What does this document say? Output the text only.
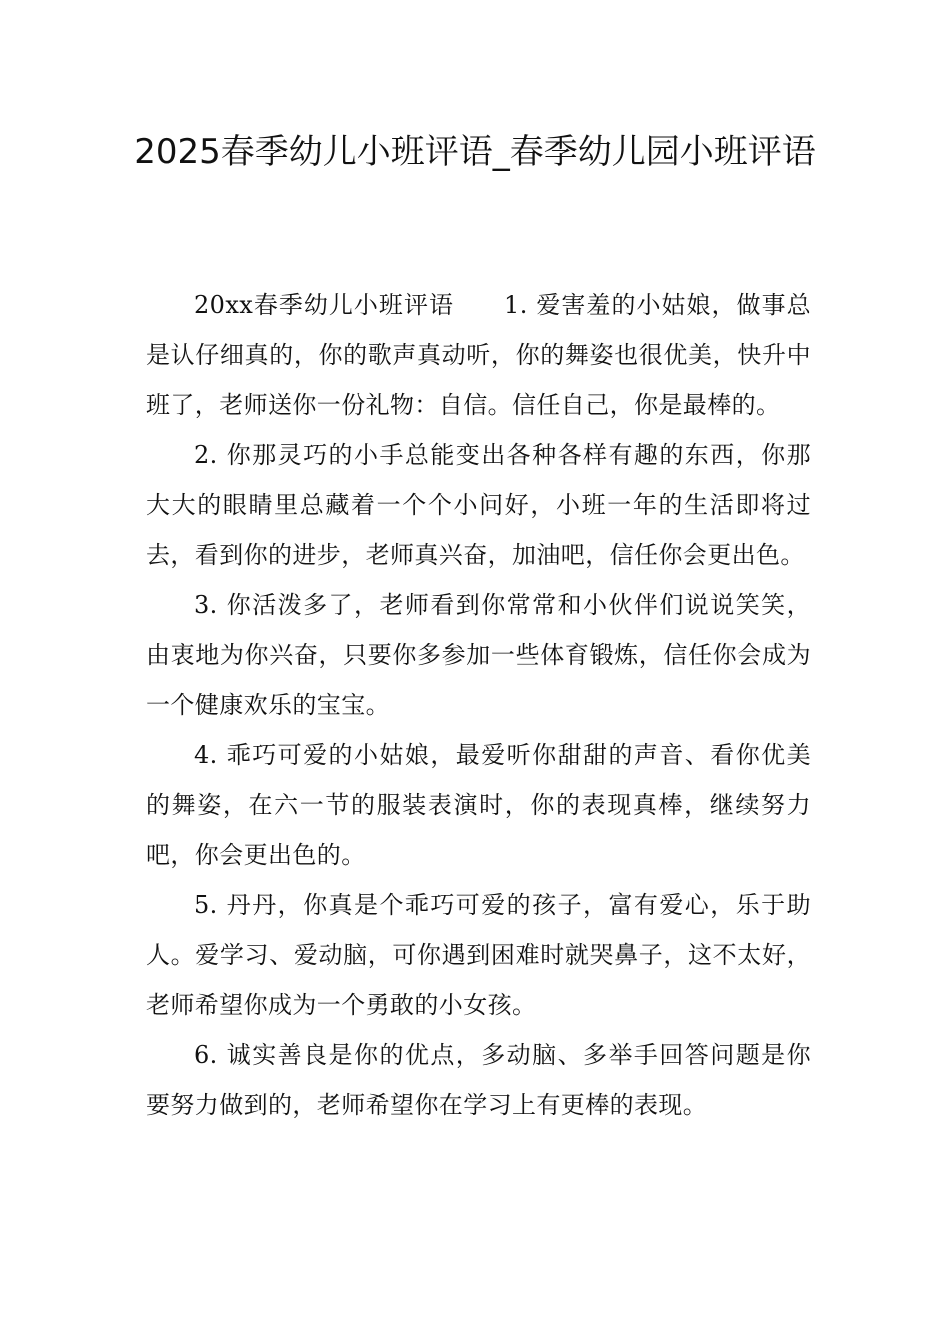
2025春季幼儿小班评语_春季幼儿园小班评语

20xx春季幼儿小班评语　　1. 爱害羞的小姑娘，做事总是认仔细真的，你的歌声真动听，你的舞姿也很优美，快升中班了，老师送你一份礼物：自信。信任自己，你是最棒的。

2. 你那灵巧的小手总能变出各种各样有趣的东西，你那大大的眼睛里总藏着一个个小问好，小班一年的生活即将过去，看到你的进步，老师真兴奋，加油吧，信任你会更出色。

3. 你活泼多了，老师看到你常常和小伙伴们说说笑笑，由衷地为你兴奋，只要你多参加一些体育锻炼，信任你会成为一个健康欢乐的宝宝。

4. 乖巧可爱的小姑娘，最爱听你甜甜的声音、看你优美的舞姿，在六一节的服装表演时，你的表现真棒，继续努力吧，你会更出色的。

5. 丹丹，你真是个乖巧可爱的孩子，富有爱心，乐于助人。爱学习、爱动脑，可你遇到困难时就哭鼻子，这不太好，老师希望你成为一个勇敢的小女孩。

6. 诚实善良是你的优点，多动脑、多举手回答问题是你要努力做到的，老师希望你在学习上有更棒的表现。
